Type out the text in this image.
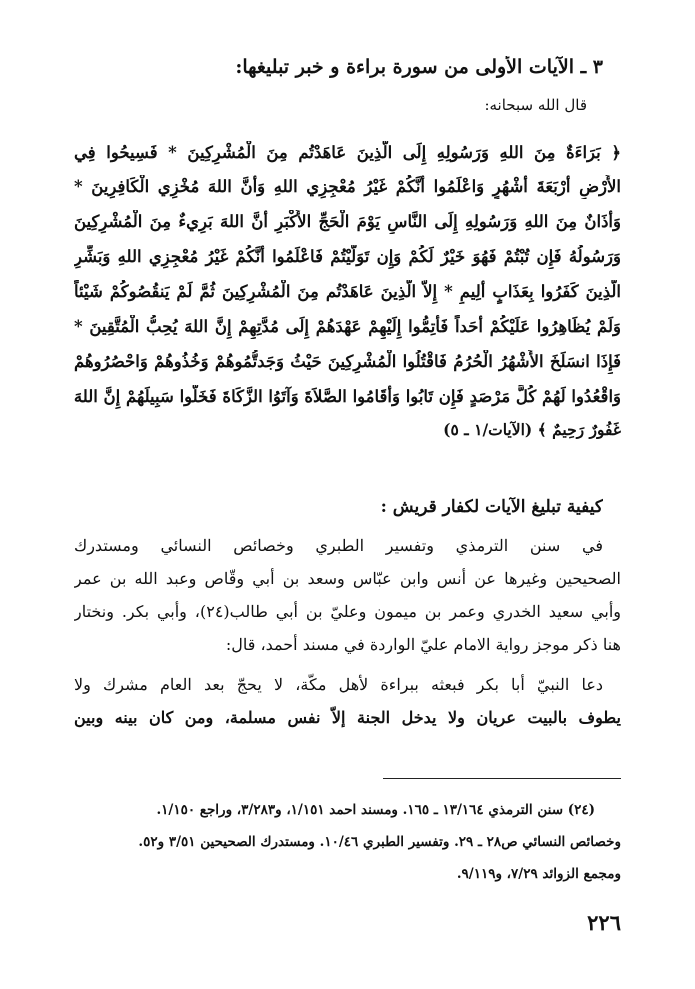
٣ ـ الآيات الأولى من سورة براءة و خبر تبليغها:
قال الله سبحانه:
﴿ بَرَاءَةٌ مِنَ اللهِ وَرَسُولِهِ إِلَى الَّذِينَ عَاهَدْتُم مِنَ الْمُشْرِكِينَ * فَسِيحُوا فِي
الأَرْضِ أَرْبَعَةَ أَشْهُرٍ وَاعْلَمُوا أَنَّكُمْ غَيْرُ مُعْجِزِي اللهِ وَأَنَّ اللهَ مُخْزِي الْكَافِرِينَ *
وَأَذَانٌ مِنَ اللهِ وَرَسُولِهِ إِلَى النَّاسِ يَوْمَ الْحَجِّ الأَكْبَرِ أَنَّ اللهَ بَرِيءٌ مِنَ الْمُشْرِكِينَ
وَرَسُولُهُ فَإِن تُبْتُمْ فَهُوَ خَيْرٌ لَكُمْ وَإِن تَوَلَّيْتُمْ فَاعْلَمُوا أَنَّكُمْ غَيْرُ مُعْجِزِي اللهِ وَبَشِّرِ
الَّذِينَ كَفَرُوا بِعَذَابٍ أَلِيمٍ * إِلاَّ الَّذِينَ عَاهَدْتُم مِنَ الْمُشْرِكِينَ ثُمَّ لَمْ يَنقُصُوكُمْ شَيْئاً
وَلَمْ يُظَاهِرُوا عَلَيْكُمْ أَحَداً فَأَتِمُّوا إِلَيْهِمْ عَهْدَهُمْ إِلَى مُدَّتِهِمْ إِنَّ اللهَ يُحِبُّ الْمُتَّقِينَ *
فَإِذَا انسَلَخَ الأَشْهُرُ الْحُرُمُ فَاقْتُلُوا الْمُشْرِكِينَ حَيْثُ وَجَدتُّمُوهُمْ وَخُذُوهُمْ وَاحْصُرُوهُمْ
وَاقْعُدُوا لَهُمْ كُلَّ مَرْصَدٍ فَإِن تَابُوا وَأَقَامُوا الصَّلاَةَ وَآتَوُا الزَّكَاةَ فَخَلُّوا سَبِيلَهُمْ إِنَّ اللهَ
غَفُورٌ رَحِيمٌ ﴾ (الآيات/١ ـ ٥)
كيفية تبليغ الآيات لكفار قريش :
في سنن الترمذي وتفسير الطبري وخصائص النسائي ومستدرك
الصحيحين وغيرها عن أنس وابن عبّاس وسعد بن أبي وقّاص وعبد الله بن عمر
وأبي سعيد الخدري وعمر بن ميمون وعليّ بن أبي طالب(٢٤)، وأبي بكر. ونختار
هنا ذكر موجز رواية الامام عليّ الواردة في مسند أحمد، قال:
دعا النبيّ أبا بكر فبعثه ببراءة لأهل مكّة، لا يحجّ بعد العام مشرك ولا
يطوف بالبيت عريان ولا يدخل الجنة إلاّ نفس مسلمة، ومن كان بينه وبين
(٢٤) سنن الترمذي ١٣/١٦٤ ـ ١٦٥. ومسند احمد ١/١٥١، و٣/٢٨٣، وراجع ١/١٥٠.
وخصائص النسائي ص٢٨ ـ ٢٩. وتفسير الطبري ١٠/٤٦. ومستدرك الصحيحين ٣/٥١ و٥٢.
ومجمع الزوائد ٧/٢٩، و٩/١١٩.
٢٢٦
